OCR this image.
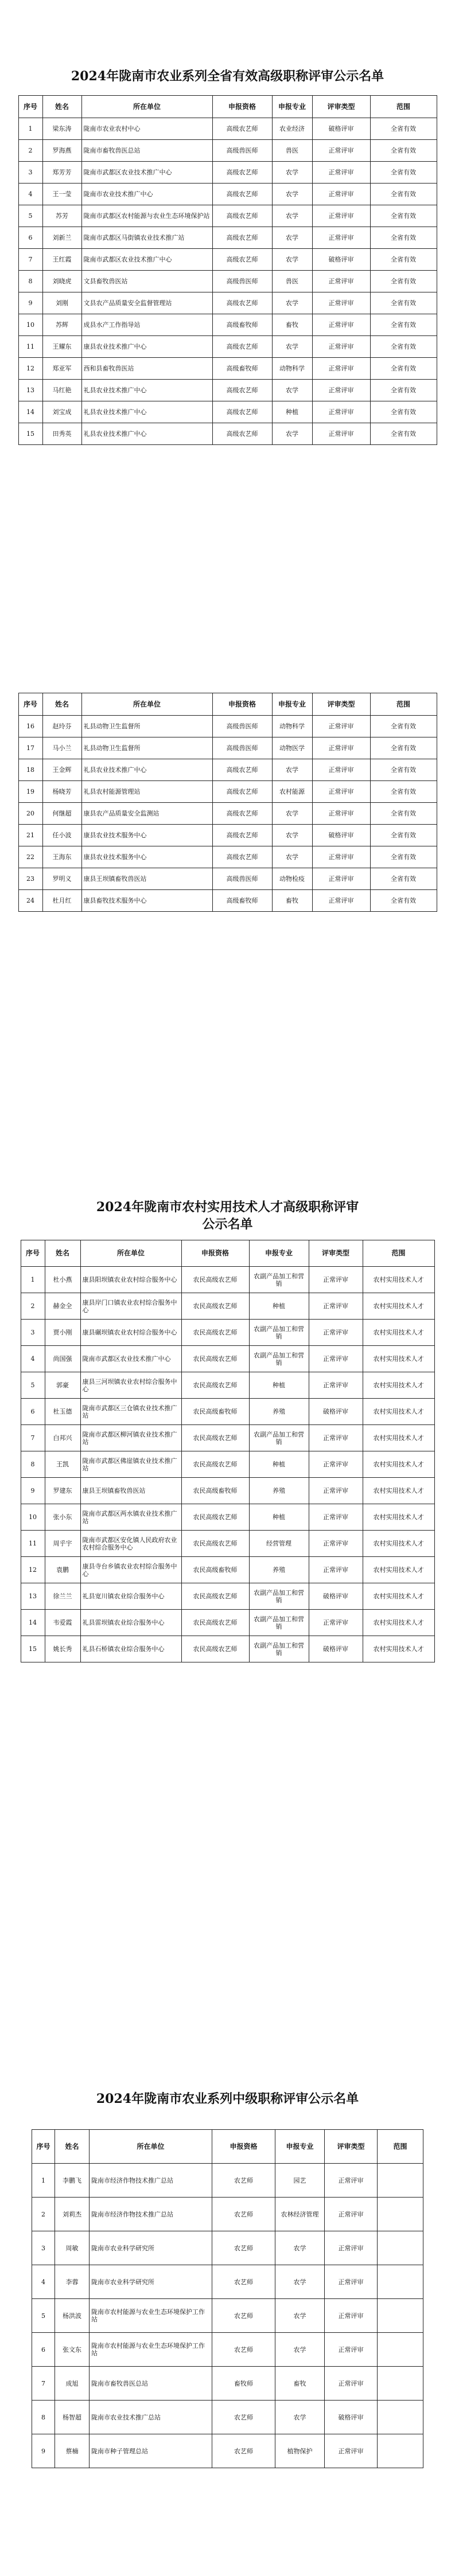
2024年陇南市农业系列全省有效高级职称评审公示名单
序号	姓名	所在单位	申报资格	申报专业	评审类型	范围
1	梁东涛	陇南市农业农村中心	高级农艺师	农业经济	破格评审	全省有效
2	罗海燕	陇南市畜牧兽医总站	高级兽医师	兽医	正常评审	全省有效
3	郑芳芳	陇南市武都区农业技术推广中心	高级农艺师	农学	正常评审	全省有效
4	王一莹	陇南市农业技术推广中心	高级农艺师	农学	正常评审	全省有效
5	苏芳	陇南市武都区农村能源与农业生态环境保护站	高级农艺师	农学	正常评审	全省有效
6	刘新兰	陇南市武都区马街镇农业技术推广站	高级农艺师	农学	正常评审	全省有效
7	王红霞	陇南市武都区农业技术推广中心	高级农艺师	农学	破格评审	全省有效
8	刘晓虎	文县畜牧兽医站	高级兽医师	兽医	正常评审	全省有效
9	刘刚	文县农产品质量安全监督管理站	高级农艺师	农学	正常评审	全省有效
10	苏辉	成县水产工作指导站	高级畜牧师	畜牧	正常评审	全省有效
11	王耀东	康县农业技术推广中心	高级农艺师	农学	正常评审	全省有效
12	郑亚军	西和县畜牧兽医站	高级畜牧师	动物科学	正常评审	全省有效
13	马红艳	礼县农业技术推广中心	高级农艺师	农学	正常评审	全省有效
14	刘宝成	礼县农业技术推广中心	高级农艺师	种植	正常评审	全省有效
15	田秀英	礼县农业技术推广中心	高级农艺师	农学	正常评审	全省有效
序号	姓名	所在单位	申报资格	申报专业	评审类型	范围
16	赵玲芬	礼县动物卫生监督所	高级兽医师	动物科学	正常评审	全省有效
17	马小兰	礼县动物卫生监督所	高级兽医师	动物医学	正常评审	全省有效
18	王金辉	礼县农业技术推广中心	高级农艺师	农学	正常评审	全省有效
19	杨晓芳	礼县农村能源管理站	高级农艺师	农村能源	正常评审	全省有效
20	何继超	康县农产品质量安全监测站	高级农艺师	农学	正常评审	全省有效
21	任小波	康县农业技术服务中心	高级农艺师	农学	破格评审	全省有效
22	王海东	康县农业技术服务中心	高级农艺师	农学	正常评审	全省有效
23	罗明义	康县王坝镇畜牧兽医站	高级兽医师	动物检疫	正常评审	全省有效
24	杜月红	康县畜牧技术服务中心	高级畜牧师	畜牧	正常评审	全省有效
2024年陇南市农村实用技术人才高级职称评审
公示名单
序号	姓名	所在单位	申报资格	申报专业	评审类型	范围
1	杜小燕	康县阳坝镇农业农村综合服务中心	农民高级农艺师	农副产品加工和营销	正常评审	农村实用技术人才
2	赫金全	康县岸门口镇农业农村综合服务中心	农民高级农艺师	种植	正常评审	农村实用技术人才
3	贾小刚	康县碾坝镇农业农村综合服务中心	农民高级农艺师	农副产品加工和营销	正常评审	农村实用技术人才
4	尚国强	陇南市武都区农业技术推广中心	农民高级农艺师	农副产品加工和营销	正常评审	农村实用技术人才
5	郭豪	康县三河坝镇农业农村综合服务中心	农民高级农艺师	种植	正常评审	农村实用技术人才
6	杜玉德	陇南市武都区三仓镇农业技术推广站	农民高级畜牧师	养殖	破格评审	农村实用技术人才
7	白邦兴	陇南市武都区柳河镇农业技术推广站	农民高级农艺师	农副产品加工和营销	正常评审	农村实用技术人才
8	王凯	陇南市武都区佛崖镇农业技术推广站	农民高级农艺师	种植	正常评审	农村实用技术人才
9	罗建东	康县王坝镇畜牧兽医站	农民高级畜牧师	养殖	正常评审	农村实用技术人才
10	张小东	陇南市武都区两水镇农业技术推广站	农民高级农艺师	种植	正常评审	农村实用技术人才
11	周乎宇	陇南市武都区安化镇人民政府农业农村综合服务中心	农民高级农艺师	经营管理	正常评审	农村实用技术人才
12	袁鹏	康县寺台乡镇农业农村综合服务中心	农民高级畜牧师	养殖	正常评审	农村实用技术人才
13	徐兰兰	礼县宽川镇农业综合服务中心	农民高级农艺师	农副产品加工和营销	破格评审	农村实用技术人才
14	韦爱霞	礼县雷坝镇农业综合服务中心	农民高级农艺师	农副产品加工和营销	正常评审	农村实用技术人才
15	姚长秀	礼县石桥镇农业综合服务中心	农民高级农艺师	农副产品加工和营销	破格评审	农村实用技术人才
2024年陇南市农业系列中级职称评审公示名单
序号	姓名	所在单位	申报资格	申报专业	评审类型	范围
1	李鹏飞	陇南市经济作物技术推广总站	农艺师	园艺	正常评审	
2	刘莉杰	陇南市经济作物技术推广总站	农艺师	农林经济管理	正常评审	
3	周敏	陇南市农业科学研究所	农艺师	农学	正常评审	
4	李蓉	陇南市农业科学研究所	农艺师	农学	正常评审	
5	杨洪波	陇南市农村能源与农业生态环境保护工作站	农艺师	农学	正常评审	
6	张文东	陇南市农村能源与农业生态环境保护工作站	农艺师	农学	正常评审	
7	成旭	陇南市畜牧兽医总站	畜牧师	畜牧	正常评审	
8	杨智超	陇南市农业技术推广总站	农艺师	农学	破格评审	
9	蔡楠	陇南市种子管理总站	农艺师	植物保护	正常评审	
